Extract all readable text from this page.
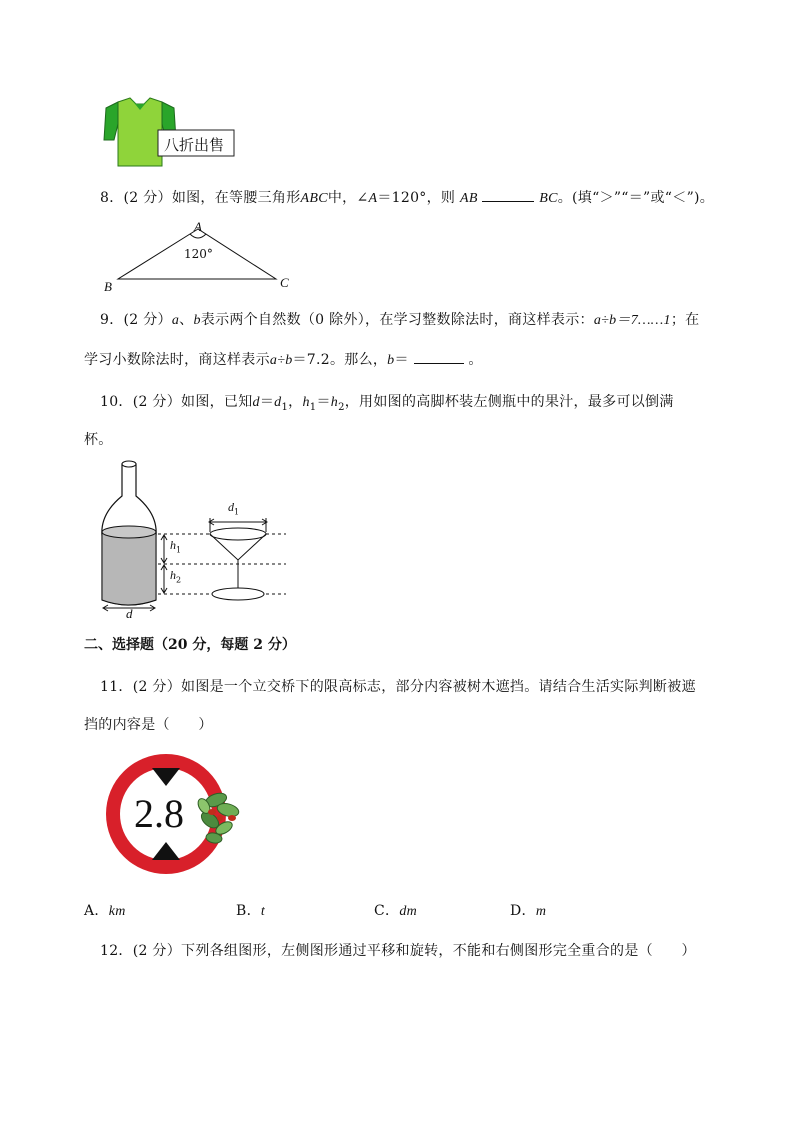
八折出售
8．(2 分）如图，在等腰三角形ABC中，∠A＝120°，则 AB	BC。(填“＞”“＝”或“＜”)。
A
B	C
120°
9．(2 分）a、b表示两个自然数（0 除外），在学习整数除法时，商这样表示：a÷b＝7……1；在
学习小数除法时，商这样表示a÷b＝7.2。那么，b＝	。
10．(2 分）如图，已知$d=d_1$，$h_1=h_2$，用如图的高脚杯装左侧瓶中的果汁，最多可以倒满
杯。
$d_1$
$h_1$
$h_2$
d
二、选择题（20 分，每题 2 分）
11．(2 分）如图是一个立交桥下的限高标志，部分内容被树木遮挡。请结合生活实际判断被遮
挡的内容是（　　）
2.8
A．km	B．t	C．dm	D．m
12．(2 分）下列各组图形，左侧图形通过平移和旋转，不能和右侧图形完全重合的是（　　）
